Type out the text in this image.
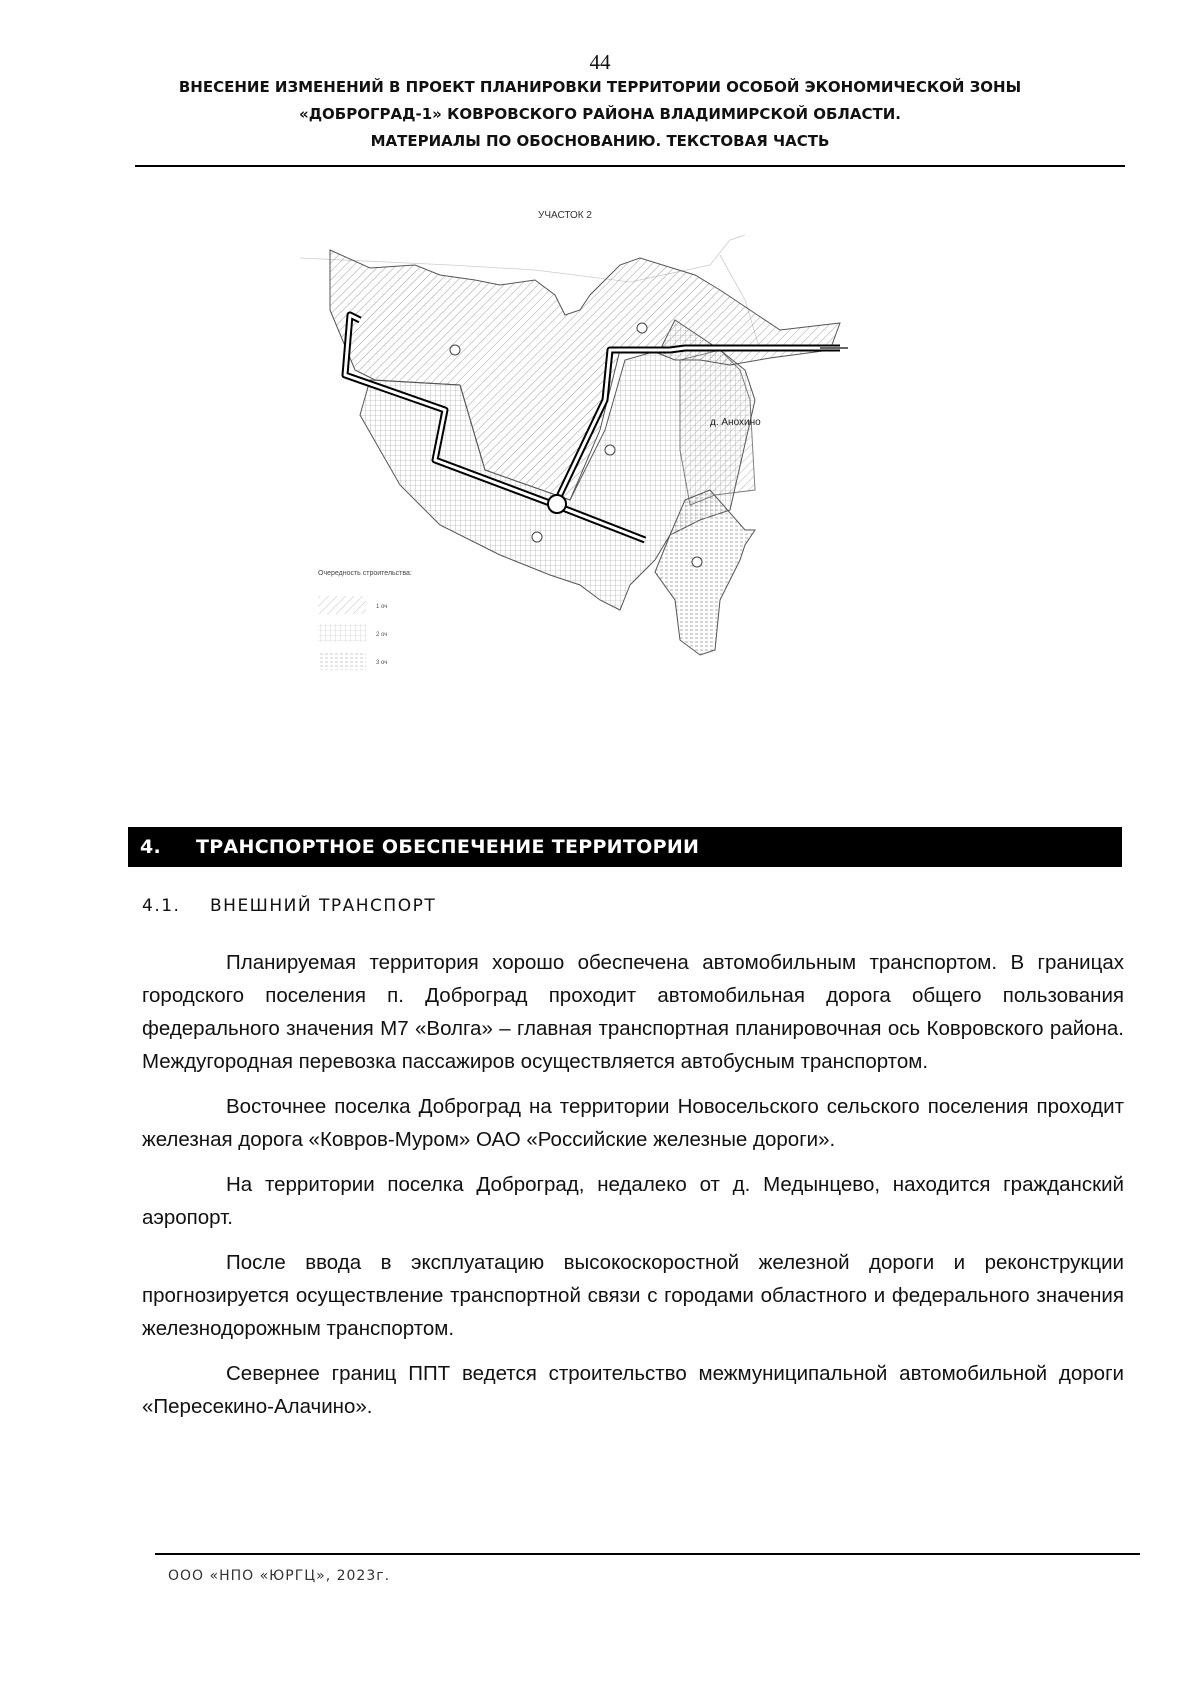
44
ВНЕСЕНИЕ ИЗМЕНЕНИЙ В ПРОЕКТ ПЛАНИРОВКИ ТЕРРИТОРИИ ОСОБОЙ ЭКОНОМИЧЕСКОЙ ЗОНЫ
«ДОБРОГРАД-1» КОВРОВСКОГО РАЙОНА ВЛАДИМИРСКОЙ ОБЛАСТИ.
МАТЕРИАЛЫ ПО ОБОСНОВАНИЮ. ТЕКСТОВАЯ ЧАСТЬ
УЧАСТОК 2
д. Анохино
Очередность строительства:
1 оч
2 оч
3 оч
4.	ТРАНСПОРТНОЕ ОБЕСПЕЧЕНИЕ ТЕРРИТОРИИ
4.1.	ВНЕШНИЙ ТРАНСПОРТ

Планируемая территория хорошо обеспечена автомобильным транспортом. В границах городского поселения п. Доброград проходит автомобильная дорога общего пользования федерального значения М7 «Волга» – главная транспортная планировочная ось Ковровского района. Междугородная перевозка пассажиров осуществляется автобусным транспортом.

Восточнее поселка Доброград на территории Новосельского сельского поселения проходит железная дорога «Ковров-Муром» ОАО «Российские железные дороги».

На территории поселка Доброград, недалеко от д. Медынцево, находится гражданский аэропорт.

После ввода в эксплуатацию высокоскоростной железной дороги и реконструкции прогнозируется осуществление транспортной связи с городами областного и федерального значения железнодорожным транспортом.

Севернее границ ППТ ведется строительство межмуниципальной автомобильной дороги «Пересекино-Алачино».

ООО «НПО «ЮРГЦ», 2023г.
